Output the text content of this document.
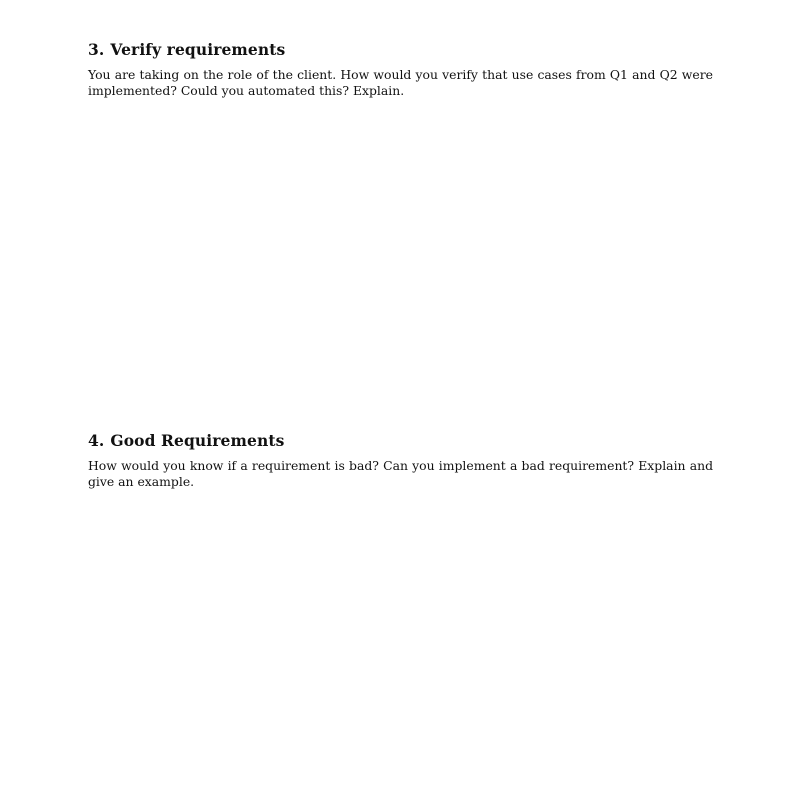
3. Verify requirements

You are taking on the role of the client. How would you verify that use cases from Q1 and Q2 were implemented? Could you automated this? Explain.

4. Good Requirements

How would you know if a requirement is bad? Can you implement a bad requirement? Explain and give an example.
